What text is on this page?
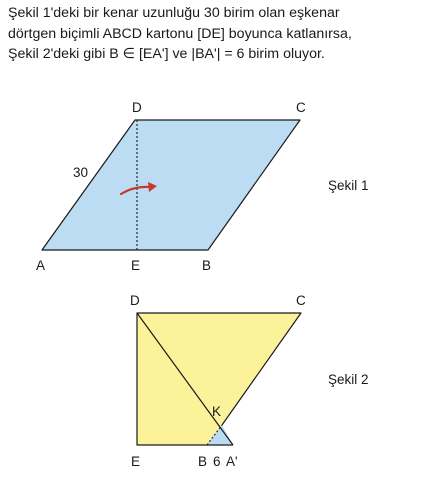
Şekil 1'deki bir kenar uzunluğu 30 birim olan eşkenar
dörtgen biçimli ABCD kartonu [DE] boyunca katlanırsa,
Şekil 2'deki gibi B ∈ [EA'] ve |BA'| = 6 birim oluyor.
D	C
30
A	E	B
Şekil 1
D	C
K
E	B 6 A'
Şekil 2
